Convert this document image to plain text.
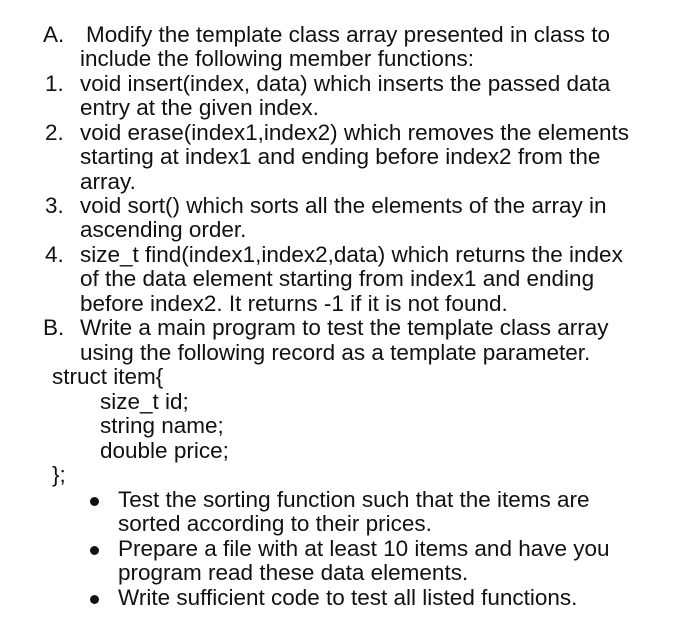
A. Modify the template class array presented in class to
include the following member functions:
1. void insert(index, data) which inserts the passed data
entry at the given index.
2. void erase(index1,index2) which removes the elements
starting at index1 and ending before index2 from the
array.
3. void sort() which sorts all the elements of the array in
ascending order.
4. size_t find(index1,index2,data) which returns the index
of the data element starting from index1 and ending
before index2. It returns -1 if it is not found.
B. Write a main program to test the template class array
using the following record as a template parameter.
struct item{
size_t id;
string name;
double price;
};
Test the sorting function such that the items are
sorted according to their prices.
Prepare a file with at least 10 items and have you
program read these data elements.
Write sufficient code to test all listed functions.
